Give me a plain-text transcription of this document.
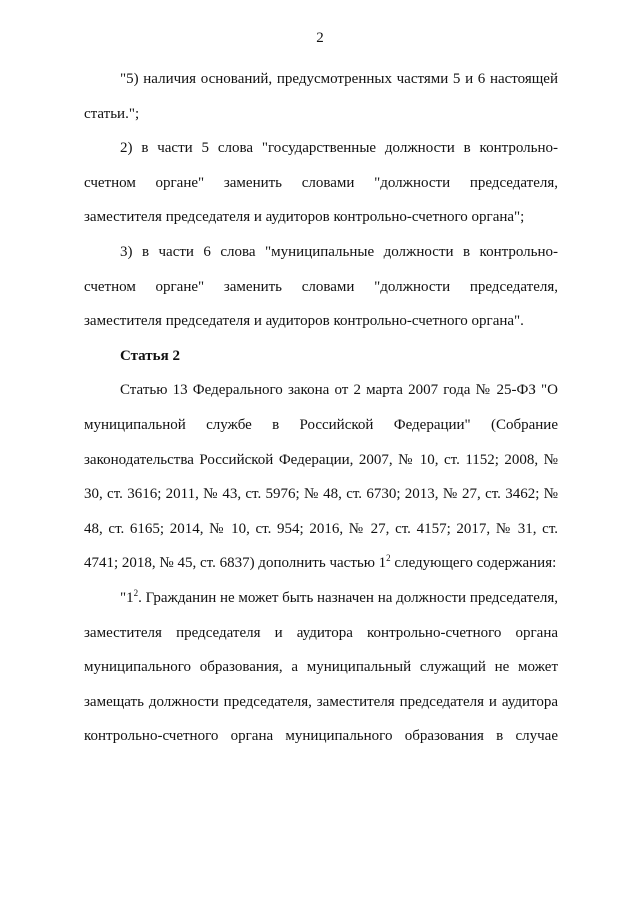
2

"5) наличия оснований, предусмотренных частями 5 и 6 настоящей статьи.";

2) в части 5 слова "государственные должности в контрольно-счетном органе" заменить словами "должности председателя, заместителя председателя и аудиторов контрольно-счетного органа";

3) в части 6 слова "муниципальные должности в контрольно-счетном органе" заменить словами "должности председателя, заместителя председателя и аудиторов контрольно-счетного органа".

Статья 2

Статью 13 Федерального закона от 2 марта 2007 года № 25-ФЗ "О муниципальной службе в Российской Федерации" (Собрание законодательства Российской Федерации, 2007, № 10, ст. 1152; 2008, № 30, ст. 3616; 2011, № 43, ст. 5976; № 48, ст. 6730; 2013, № 27, ст. 3462; № 48, ст. 6165; 2014, № 10, ст. 954; 2016, № 27, ст. 4157; 2017, № 31, ст. 4741; 2018, № 45, ст. 6837) дополнить частью $1^2$ следующего содержания:

"$1^2$. Гражданин не может быть назначен на должности председателя, заместителя председателя и аудитора контрольно-счетного органа муниципального образования, а муниципальный служащий не может замещать должности председателя, заместителя председателя и аудитора контрольно-счетного органа муниципального образования в случае
